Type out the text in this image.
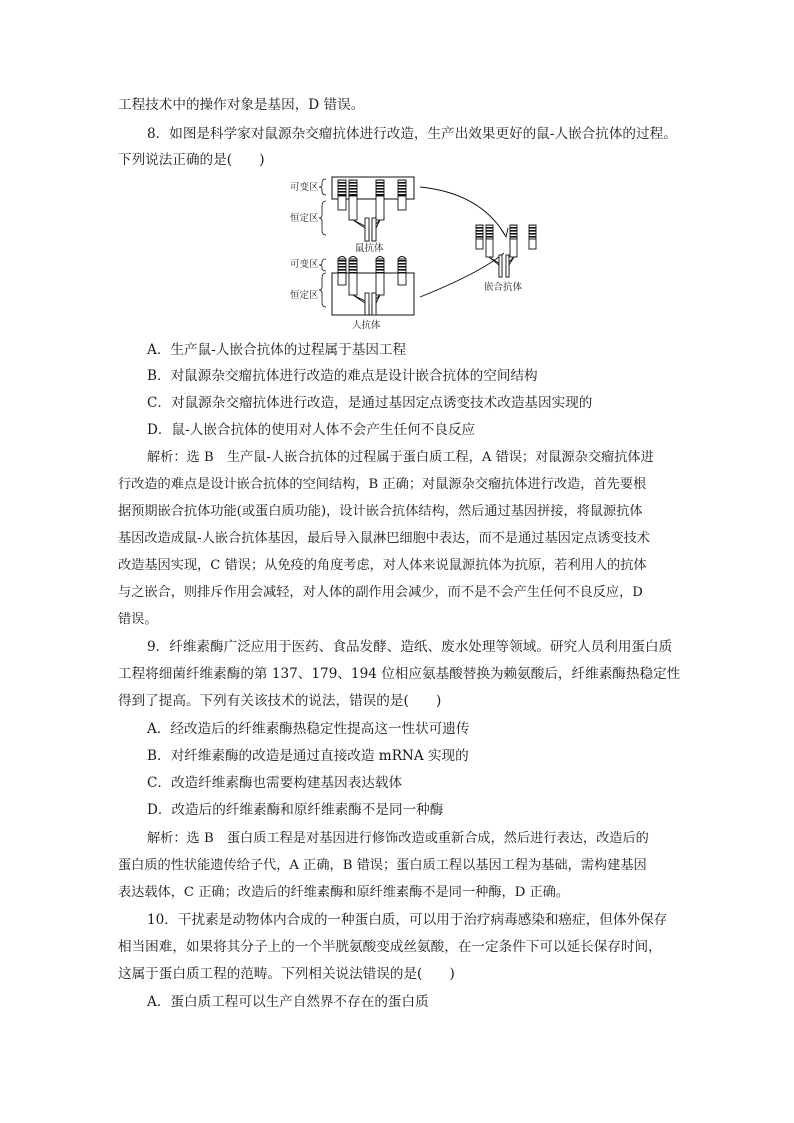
工程技术中的操作对象是基因，D 错误。
8．如图是科学家对鼠源杂交瘤抗体进行改造，生产出效果更好的鼠-人嵌合抗体的过程。
下列说法正确的是(　　)
可变区
恒定区
鼠抗体
可变区
恒定区
人抗体
嵌合抗体
A．生产鼠-人嵌合抗体的过程属于基因工程
B．对鼠源杂交瘤抗体进行改造的难点是设计嵌合抗体的空间结构
C．对鼠源杂交瘤抗体进行改造，是通过基因定点诱变技术改造基因实现的
D．鼠-人嵌合抗体的使用对人体不会产生任何不良反应
解析：选 B　生产鼠-人嵌合抗体的过程属于蛋白质工程，A 错误；对鼠源杂交瘤抗体进
行改造的难点是设计嵌合抗体的空间结构，B 正确；对鼠源杂交瘤抗体进行改造，首先要根
据预期嵌合抗体功能(或蛋白质功能)，设计嵌合抗体结构，然后通过基因拼接，将鼠源抗体
基因改造成鼠-人嵌合抗体基因，最后导入鼠淋巴细胞中表达，而不是通过基因定点诱变技术
改造基因实现，C 错误；从免疫的角度考虑，对人体来说鼠源抗体为抗原，若利用人的抗体
与之嵌合，则排斥作用会减轻，对人体的副作用会减少，而不是不会产生任何不良反应，D
错误。
9．纤维素酶广泛应用于医药、食品发酵、造纸、废水处理等领域。研究人员利用蛋白质
工程将细菌纤维素酶的第 137、179、194 位相应氨基酸替换为赖氨酸后，纤维素酶热稳定性
得到了提高。下列有关该技术的说法，错误的是(　　)
A．经改造后的纤维素酶热稳定性提高这一性状可遗传
B．对纤维素酶的改造是通过直接改造 mRNA 实现的
C．改造纤维素酶也需要构建基因表达载体
D．改造后的纤维素酶和原纤维素酶不是同一种酶
解析：选 B　蛋白质工程是对基因进行修饰改造或重新合成，然后进行表达，改造后的
蛋白质的性状能遗传给子代，A 正确，B 错误；蛋白质工程以基因工程为基础，需构建基因
表达载体，C 正确；改造后的纤维素酶和原纤维素酶不是同一种酶，D 正确。
10．干扰素是动物体内合成的一种蛋白质，可以用于治疗病毒感染和癌症，但体外保存
相当困难，如果将其分子上的一个半胱氨酸变成丝氨酸，在一定条件下可以延长保存时间，
这属于蛋白质工程的范畴。下列相关说法错误的是(　　)
A．蛋白质工程可以生产自然界不存在的蛋白质
